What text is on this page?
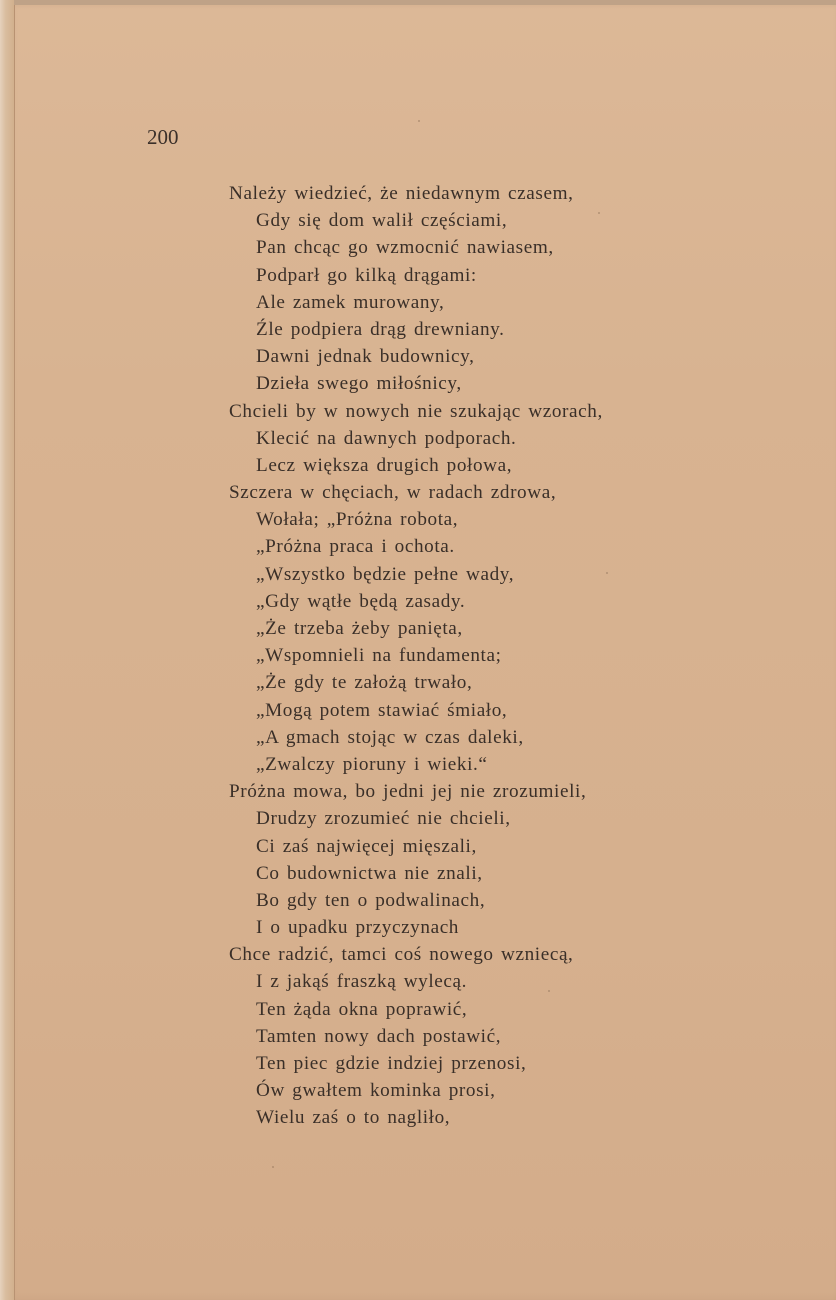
200
Należy wiedzieć, że niedawnym czasem,
Gdy się dom walił częściami,
Pan chcąc go wzmocnić nawiasem,
Podparł go kilką drągami:
Ale zamek murowany,
Źle podpiera drąg drewniany.
Dawni jednak budownicy,
Dzieła swego miłośnicy,
Chcieli by w nowych nie szukając wzorach,
Klecić na dawnych podporach.
Lecz większa drugich połowa,
Szczera w chęciach, w radach zdrowa,
Wołała; „Próżna robota,
„Próżna praca i ochota.
„Wszystko będzie pełne wady,
„Gdy wątłe będą zasady.
„Że trzeba żeby panięta,
„Wspomnieli na fundamenta;
„Że gdy te założą trwało,
„Mogą potem stawiać śmiało,
„A gmach stojąc w czas daleki,
„Zwalczy pioruny i wieki.“
Próżna mowa, bo jedni jej nie zrozumieli,
Drudzy zrozumieć nie chcieli,
Ci zaś najwięcej mięszali,
Co budownictwa nie znali,
Bo gdy ten o podwalinach,
I o upadku przyczynach
Chce radzić, tamci coś nowego wzniecą,
I z jakąś fraszką wylecą.
Ten żąda okna poprawić,
Tamten nowy dach postawić,
Ten piec gdzie indziej przenosi,
Ów gwałtem kominka prosi,
Wielu zaś o to nagliło,
